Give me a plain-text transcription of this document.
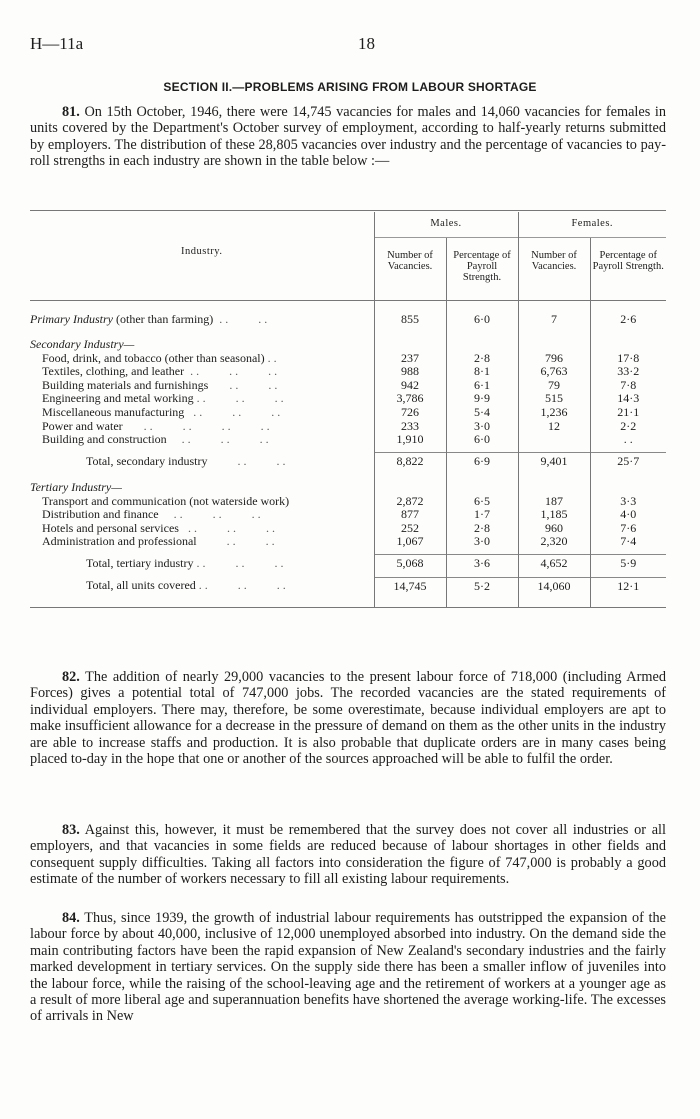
H—11a	18
SECTION II.—PROBLEMS ARISING FROM LABOUR SHORTAGE

81. On 15th October, 1946, there were 14,745 vacancies for males and 14,060 vacancies for females in units covered by the Department's October survey of employment, according to half-yearly returns submitted by employers. The distribution of these 28,805 vacancies over industry and the percentage of vacancies to pay-roll strengths in each industry are shown in the table below :—

Industry.	Males.		Females.	
	Number of Vacancies.	Percentage of Payroll Strength.	Number of Vacancies.	Percentage of Payroll Strength.

Primary Industry (other than farming)  . .          . .	855	6·0	7	2·6

Secondary Industry—				
Food, drink, and tobacco (other than seasonal) . .	237	2·8	796	17·8
Textiles, clothing, and leather  . .          . .          . .	988	8·1	6,763	33·2
Building materials and furnishings       . .          . .	942	6·1	79	7·8
Engineering and metal working . .          . .          . .	3,786	9·9	515	14·3
Miscellaneous manufacturing   . .          . .          . .	726	5·4	1,236	21·1
Power and water       . .          . .          . .          . .	233	3·0	12	2·2
Building and construction     . .          . .          . .	1,910	6·0		. .

Total, secondary industry          . .          . .	8,822	6·9	9,401	25·7

Tertiary Industry—				
Transport and communication (not waterside work)	2,872	6·5	187	3·3
Distribution and finance     . .          . .          . .	877	1·7	1,185	4·0
Hotels and personal services   . .          . .          . .	252	2·8	960	7·6
Administration and professional          . .          . .	1,067	3·0	2,320	7·4

Total, tertiary industry . .          . .          . .	5,068	3·6	4,652	5·9

Total, all units covered . .          . .          . .	14,745	5·2	14,060	12·1

82. The addition of nearly 29,000 vacancies to the present labour force of 718,000 (including Armed Forces) gives a potential total of 747,000 jobs. The recorded vacancies are the stated requirements of individual employers. There may, therefore, be some overestimate, because individual employers are apt to make insufficient allowance for a decrease in the pressure of demand on them as the other units in the industry are able to increase staffs and production. It is also probable that duplicate orders are in many cases being placed to-day in the hope that one or another of the sources approached will be able to fulfil the order.

83. Against this, however, it must be remembered that the survey does not cover all industries or all employers, and that vacancies in some fields are reduced because of labour shortages in other fields and consequent supply difficulties. Taking all factors into consideration the figure of 747,000 is probably a good estimate of the number of workers necessary to fill all existing labour requirements.

84. Thus, since 1939, the growth of industrial labour requirements has outstripped the expansion of the labour force by about 40,000, inclusive of 12,000 unemployed absorbed into industry. On the demand side the main contributing factors have been the rapid expansion of New Zealand's secondary industries and the fairly marked development in tertiary services. On the supply side there has been a smaller inflow of juveniles into the labour force, while the raising of the school-leaving age and the retirement of workers at a younger age as a result of more liberal age and superannuation benefits have shortened the average working-life. The excesses of arrivals in New
